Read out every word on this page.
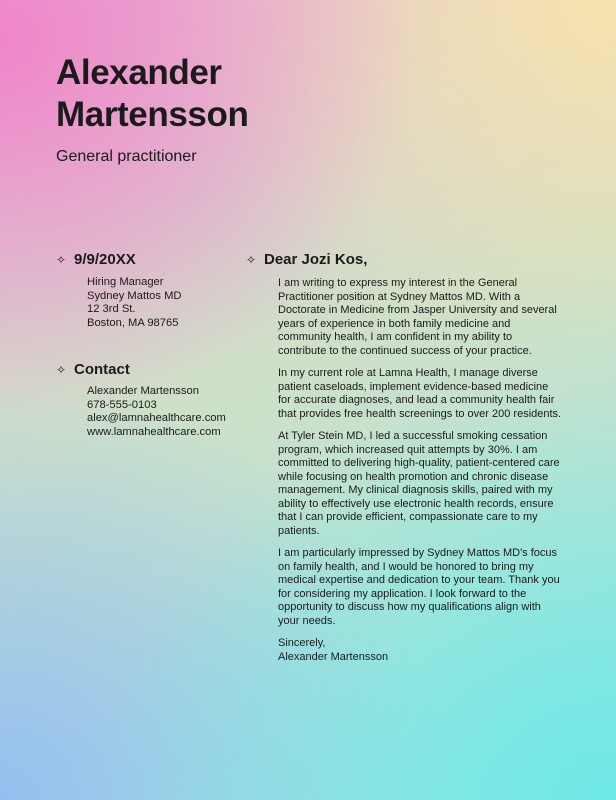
Alexander
Martensson
General practitioner
✧ 9/9/20XX
Hiring Manager
Sydney Mattos MD
12 3rd St.
Boston, MA 98765
✧ Contact
Alexander Martensson
678-555-0103
alex@lamnahealthcare.com
www.lamnahealthcare.com
✧ Dear Jozi Kos,

I am writing to express my interest in the General Practitioner position at Sydney Mattos MD. With a Doctorate in Medicine from Jasper University and several years of experience in both family medicine and community health, I am confident in my ability to contribute to the continued success of your practice.

In my current role at Lamna Health, I manage diverse patient caseloads, implement evidence-based medicine for accurate diagnoses, and lead a community health fair that provides free health screenings to over 200 residents.

At Tyler Stein MD, I led a successful smoking cessation program, which increased quit attempts by 30%. I am committed to delivering high-quality, patient-centered care while focusing on health promotion and chronic disease management. My clinical diagnosis skills, paired with my ability to effectively use electronic health records, ensure that I can provide efficient, compassionate care to my patients.

I am particularly impressed by Sydney Mattos MD's focus on family health, and I would be honored to bring my medical expertise and dedication to your team. Thank you for considering my application. I look forward to the opportunity to discuss how my qualifications align with your needs.

Sincerely,
Alexander Martensson
